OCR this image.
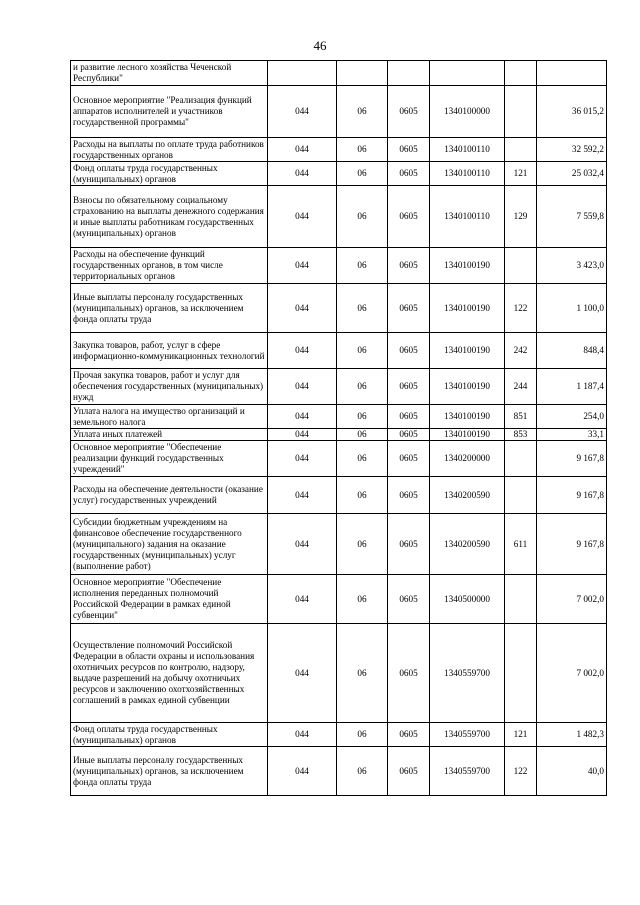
46
и развитие лесного хозяйства Чеченской Республики"						
Основное мероприятие "Реализация функций аппаратов исполнителей и участников государственной программы"	044	06	0605	1340100000		36 015,2
Расходы на выплаты по оплате труда работников государственных органов	044	06	0605	1340100110		32 592,2
Фонд оплаты труда государственных (муниципальных) органов	044	06	0605	1340100110	121	25 032,4
Взносы по обязательному социальному страхованию на выплаты денежного содержания и иные выплаты работникам государственных (муниципальных) органов	044	06	0605	1340100110	129	7 559,8
Расходы на обеспечение функций государственных органов, в том числе территориальных органов	044	06	0605	1340100190		3 423,0
Иные выплаты персоналу государственных (муниципальных) органов, за исключением фонда оплаты труда	044	06	0605	1340100190	122	1 100,0
Закупка товаров, работ, услуг в сфере информационно-коммуникационных технологий	044	06	0605	1340100190	242	848,4
Прочая закупка товаров, работ и услуг для обеспечения государственных (муниципальных) нужд	044	06	0605	1340100190	244	1 187,4
Уплата налога на имущество организаций и земельного налога	044	06	0605	1340100190	851	254,0
Уплата иных платежей	044	06	0605	1340100190	853	33,1
Основное мероприятие "Обеспечение реализации функций государственных учреждений"	044	06	0605	1340200000		9 167,8
Расходы на обеспечение деятельности (оказание услуг) государственных учреждений	044	06	0605	1340200590		9 167,8
Субсидии бюджетным учреждениям на финансовое обеспечение государственного (муниципального) задания на оказание государственных (муниципальных) услуг (выполнение работ)	044	06	0605	1340200590	611	9 167,8
Основное мероприятие "Обеспечение исполнения переданных полномочий Российской Федерации в рамках единой субвенции"	044	06	0605	1340500000		7 002,0
Осуществление полномочий Российской Федерации в области охраны и использования охотничьих ресурсов по контролю, надзору, выдаче разрешений на добычу охотничьих ресурсов и заключению охотхозяйственных соглашений в рамках единой субвенции	044	06	0605	1340559700		7 002,0
Фонд оплаты труда государственных (муниципальных) органов	044	06	0605	1340559700	121	1 482,3
Иные выплаты персоналу государственных (муниципальных) органов, за исключением фонда оплаты труда	044	06	0605	1340559700	122	40,0
